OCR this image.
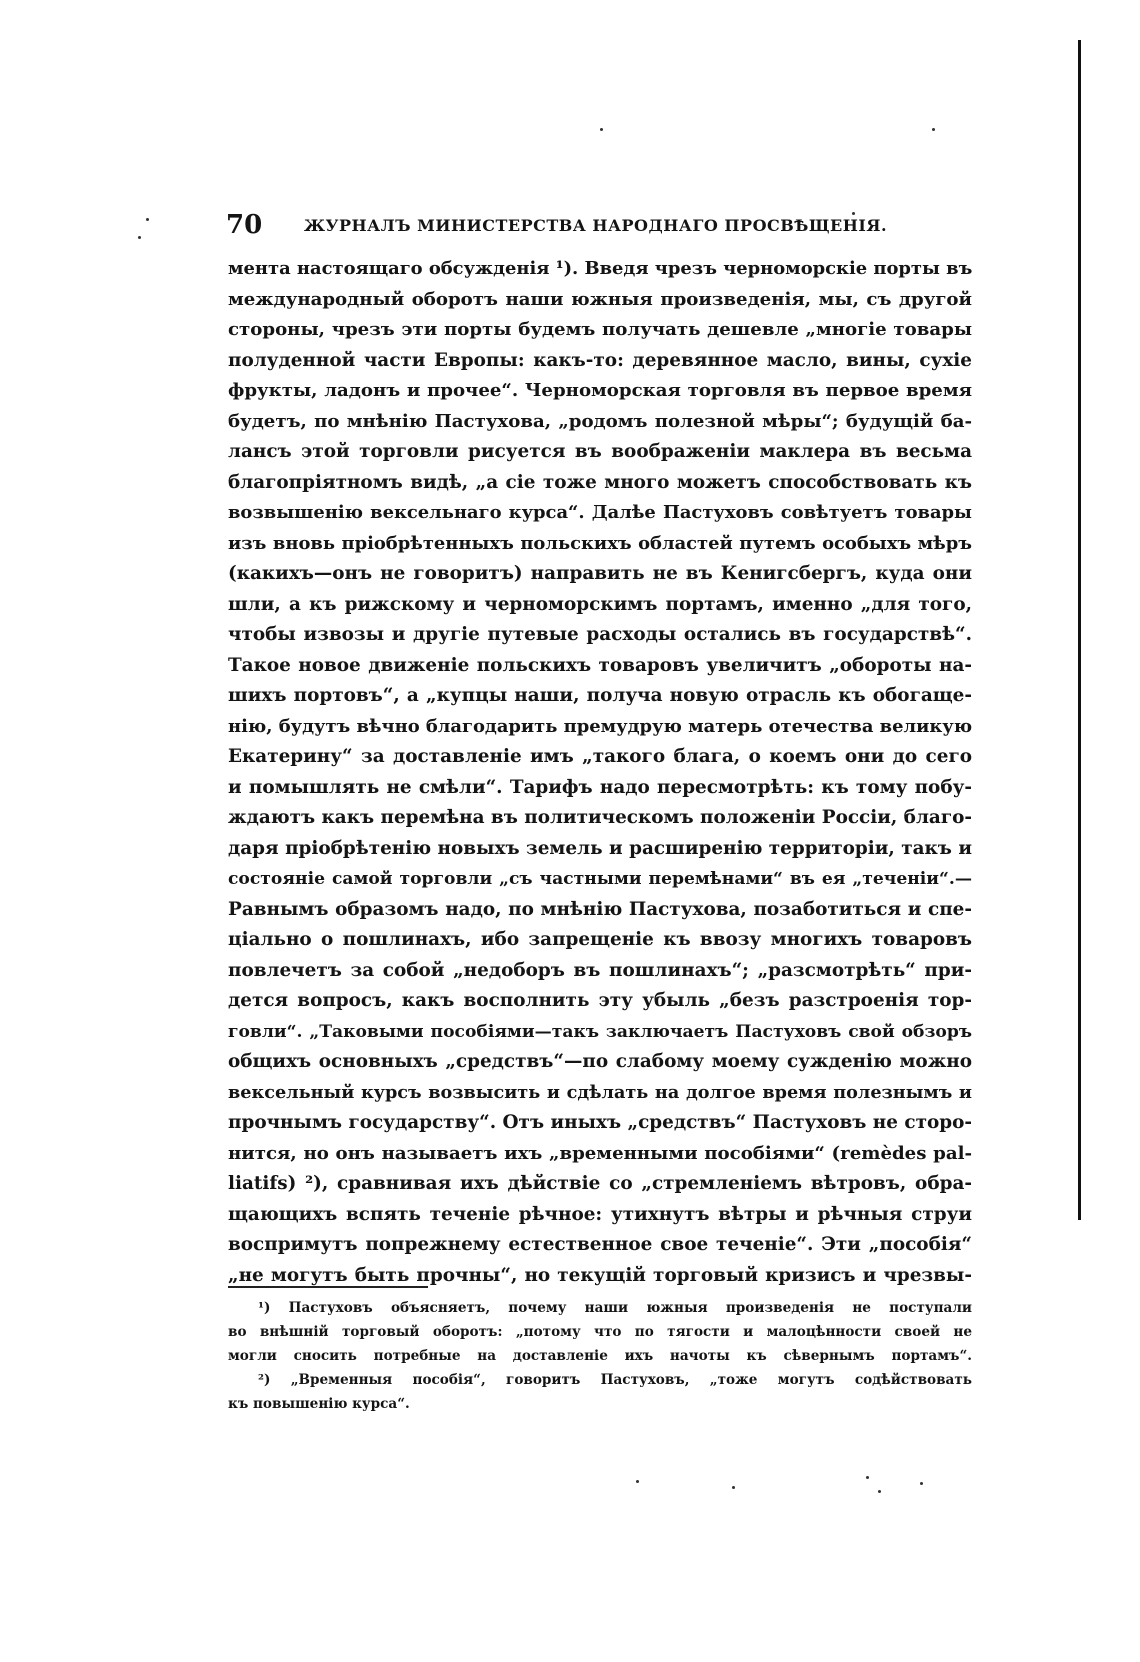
70	ЖУРНАЛЪ МИНИСТЕРСТВА НАРОДНАГО ПРОСВѢЩЕНІЯ.
мента настоящаго обсужденія ¹). Введя чрезъ черноморскіе порты въ
международный оборотъ наши южныя произведенія, мы, съ другой
стороны, чрезъ эти порты будемъ получать дешевле „многіе товары
полуденной части Европы: какъ-то: деревянное масло, вины, сухіе
фрукты, ладонъ и прочее“. Черноморская торговля въ первое время
будетъ, по мнѣнію Пастухова, „родомъ полезной мѣры“; будущій ба-
лансъ этой торговли рисуется въ воображеніи маклера въ весьма
благопріятномъ видѣ, „а сіе тоже много можетъ способствовать къ
возвышенію вексельнаго курса“. Далѣе Пастуховъ совѣтуетъ товары
изъ вновь пріобрѣтенныхъ польскихъ областей путемъ особыхъ мѣръ
(какихъ—онъ не говоритъ) направить не въ Кенигсбергъ, куда они
шли, а къ рижскому и черноморскимъ портамъ, именно „для того,
чтобы извозы и другіе путевые расходы остались въ государствѣ“.
Такое новое движеніе польскихъ товаровъ увеличитъ „обороты на-
шихъ портовъ“, а „купцы наши, получа новую отрасль къ обогаще-
нію, будутъ вѣчно благодарить премудрую матерь отечества великую
Екатерину“ за доставленіе имъ „такого блага, о коемъ они до сего
и помышлять не смѣли“. Тарифъ надо пересмотрѣть: къ тому побу-
ждаютъ какъ перемѣна въ политическомъ положеніи Россіи, благо-
даря пріобрѣтенію новыхъ земель и расширенію территоріи, такъ и
состояніе самой торговли „съ частными перемѣнами“ въ ея „теченіи“.—
Равнымъ образомъ надо, по мнѣнію Пастухова, позаботиться и спе-
ціально о пошлинахъ, ибо запрещеніе къ ввозу многихъ товаровъ
повлечетъ за собой „недоборъ въ пошлинахъ“; „разсмотрѣть“ при-
дется вопросъ, какъ восполнить эту убыль „безъ разстроенія тор-
говли“. „Таковыми пособіями—такъ заключаетъ Пастуховъ свой обзоръ
общихъ основныхъ „средствъ“—по слабому моему сужденію можно
вексельный курсъ возвысить и сдѣлать на долгое время полезнымъ и
прочнымъ государству“. Отъ иныхъ „средствъ“ Пастуховъ не сторо-
нится, но онъ называетъ ихъ „временными пособіями“ (remèdes pal-
liatifs) ²), сравнивая ихъ дѣйствіе со „стремленіемъ вѣтровъ, обра-
щающихъ вспять теченіе рѣчное: утихнутъ вѣтры и рѣчныя струи
воспримутъ попрежнему естественное свое теченіе“. Эти „пособія“
„не могутъ быть прочны“, но текущій торговый кризисъ и чрезвы-
¹) Пастуховъ объясняетъ, почему наши южныя произведенія не поступали
во внѣшній торговый оборотъ: „потому что по тягости и малоцѣнности своей не
могли сносить потребные на доставленіе ихъ начоты къ сѣвернымъ портамъ“.
²) „Временныя пособія“, говоритъ Пастуховъ, „тоже могутъ содѣйствовать
къ повышенію курса“.
